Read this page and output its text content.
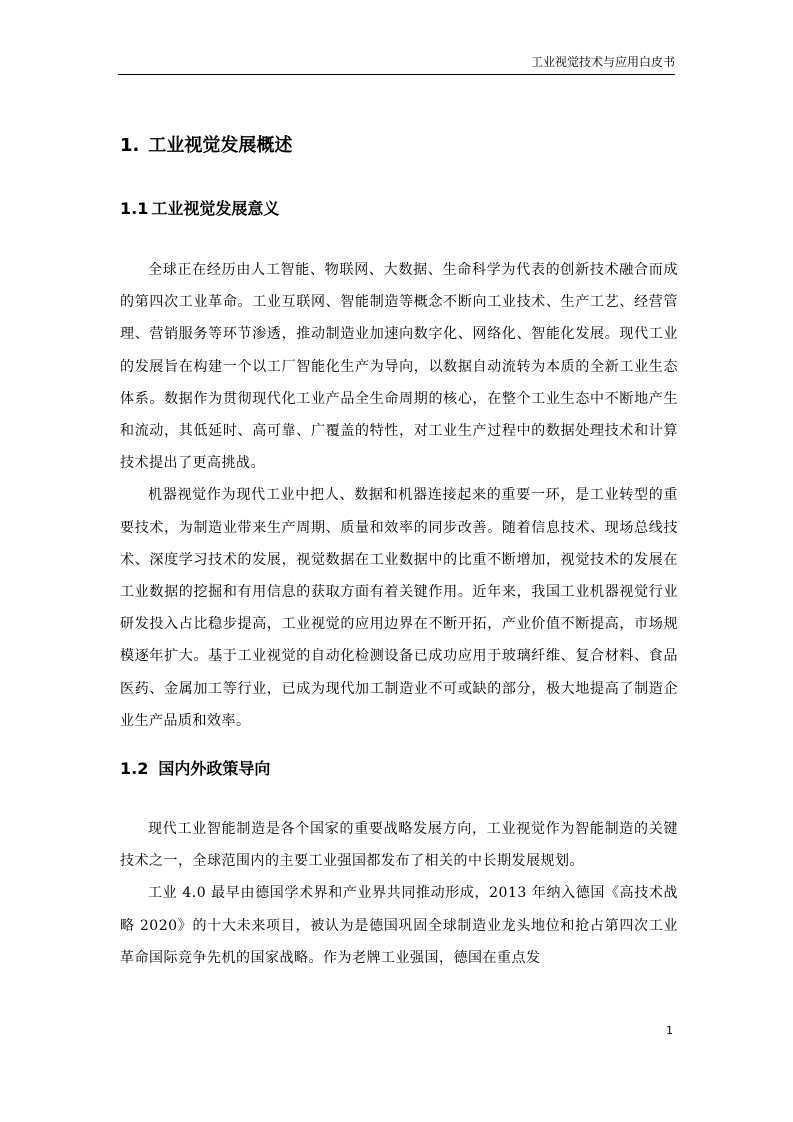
工业视觉技术与应用白皮书
1.  工业视觉发展概述
1.1 工业视觉发展意义

全球正在经历由人工智能、物联网、大数据、生命科学为代表的创新技术融合而成的第四次工业革命。工业互联网、智能制造等概念不断向工业技术、生产工艺、经营管理、营销服务等环节渗透，推动制造业加速向数字化、网络化、智能化发展。现代工业的发展旨在构建一个以工厂智能化生产为导向，以数据自动流转为本质的全新工业生态体系。数据作为贯彻现代化工业产品全生命周期的核心，在整个工业生态中不断地产生和流动，其低延时、高可靠、广覆盖的特性，对工业生产过程中的数据处理技术和计算技术提出了更高挑战。

机器视觉作为现代工业中把人、数据和机器连接起来的重要一环，是工业转型的重要技术，为制造业带来生产周期、质量和效率的同步改善。随着信息技术、现场总线技术、深度学习技术的发展，视觉数据在工业数据中的比重不断增加，视觉技术的发展在工业数据的挖掘和有用信息的获取方面有着关键作用。近年来，我国工业机器视觉行业研发投入占比稳步提高，工业视觉的应用边界在不断开拓，产业价值不断提高，市场规模逐年扩大。基于工业视觉的自动化检测设备已成功应用于玻璃纤维、复合材料、食品医药、金属加工等行业，已成为现代加工制造业不可或缺的部分，极大地提高了制造企业生产品质和效率。

1.2 国内外政策导向

现代工业智能制造是各个国家的重要战略发展方向，工业视觉作为智能制造的关键技术之一，全球范围内的主要工业强国都发布了相关的中长期发展规划。

工业 4.0 最早由德国学术界和产业界共同推动形成，2013 年纳入德国《高技术战略 2020》的十大未来项目，被认为是德国巩固全球制造业龙头地位和抢占第四次工业革命国际竞争先机的国家战略。作为老牌工业强国，德国在重点发

1
